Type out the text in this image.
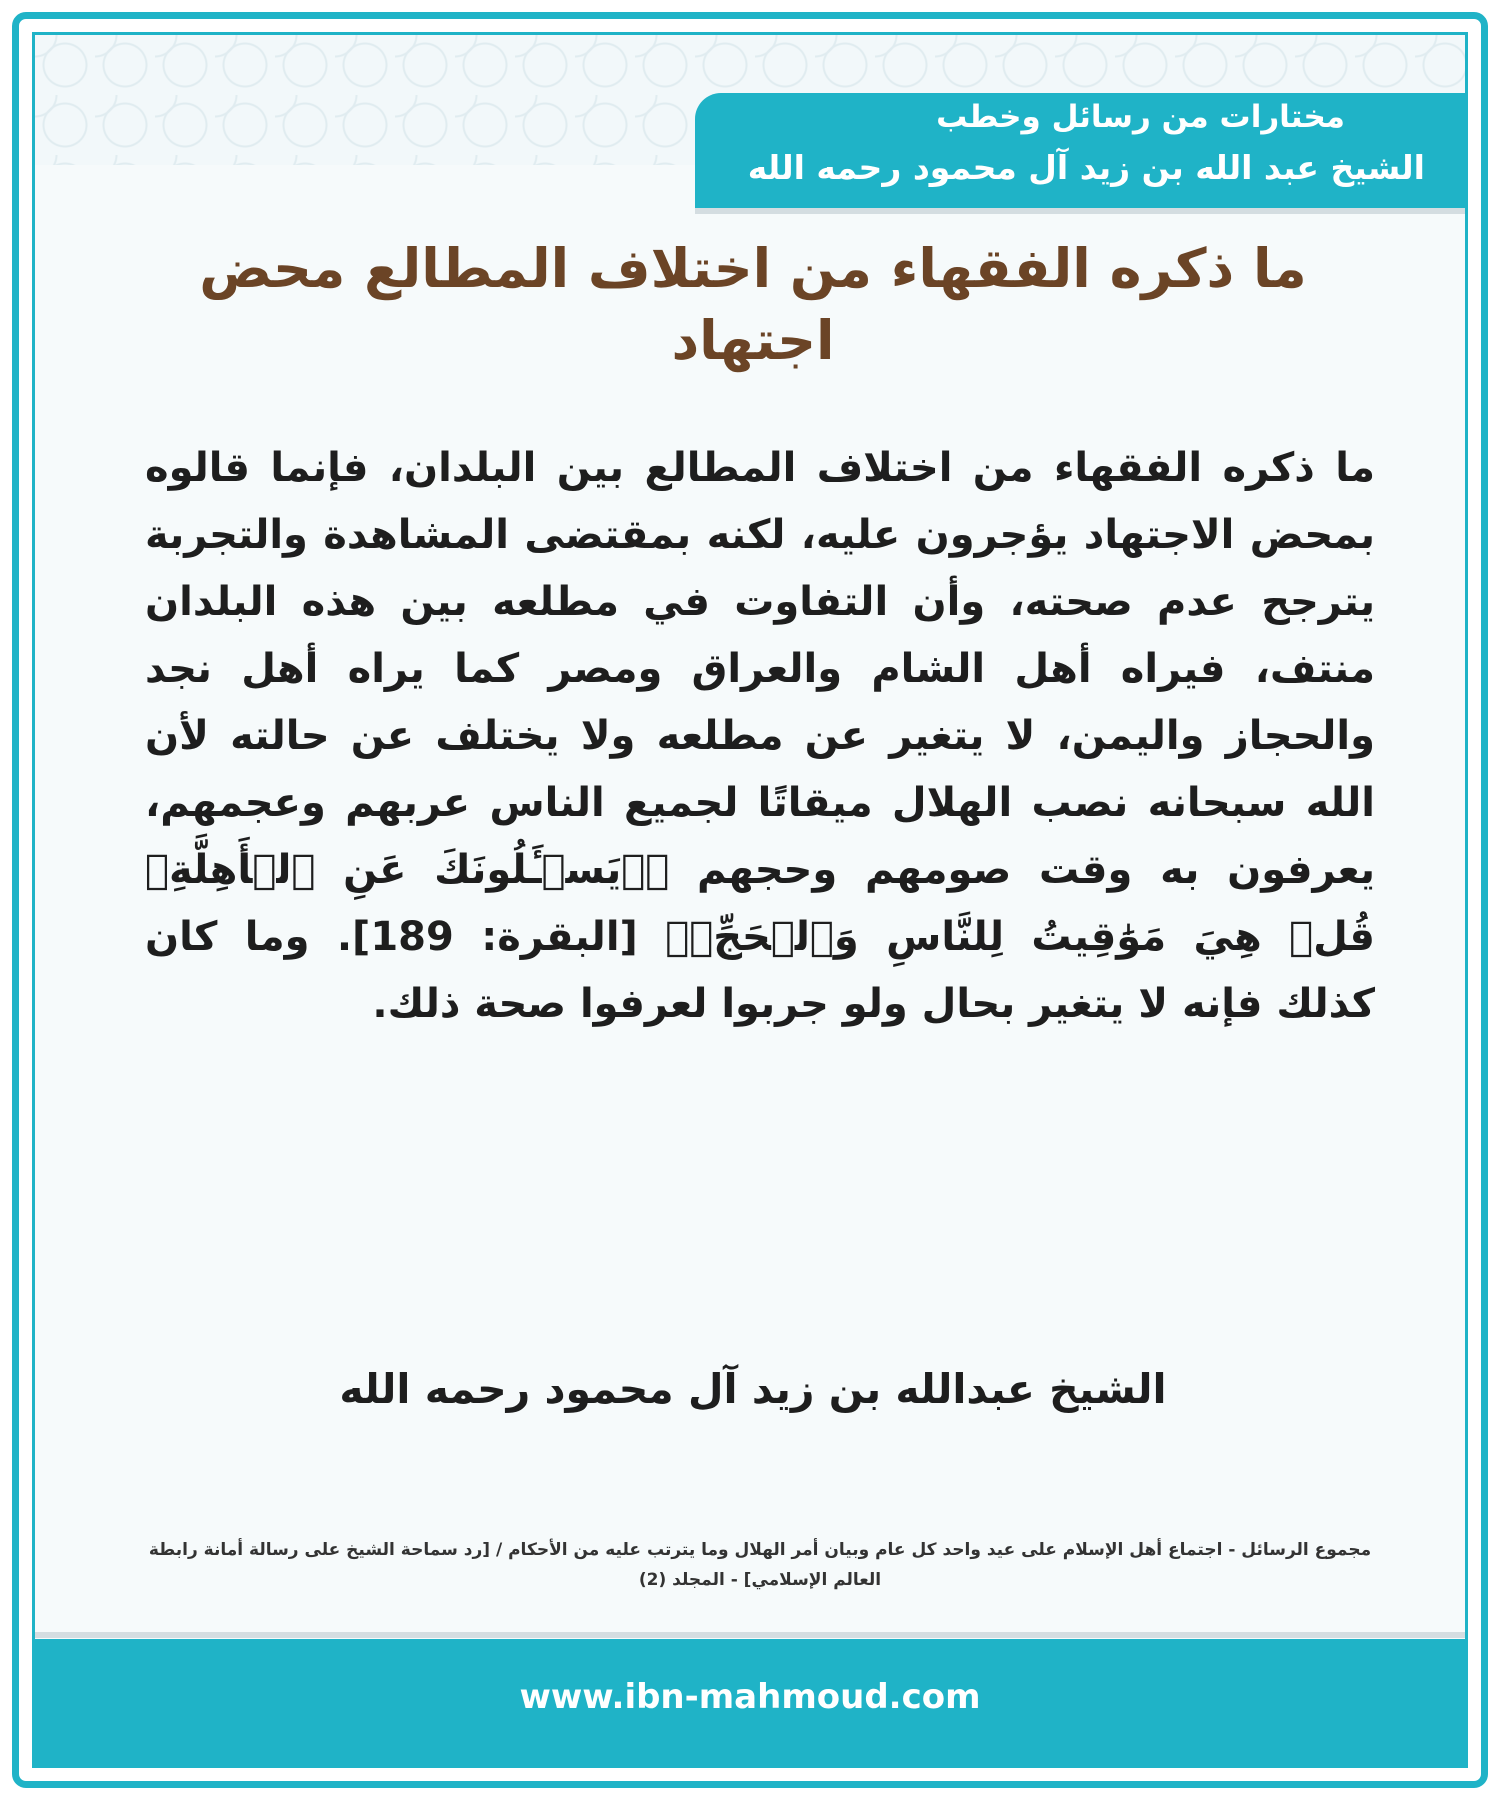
مختارات من رسائل وخطب
الشيخ عبد الله بن زيد آل محمود رحمه الله
ما ذكره الفقهاء من اختلاف المطالع محض اجتهاد
ما ذكره الفقهاء من اختلاف المطالع بين البلدان، فإنما قالوه بمحض الاجتهاد يؤجرون عليه، لكنه بمقتضى المشاهدة والتجربة يترجح عدم صحته، وأن التفاوت في مطلعه بين هذه البلدان منتف، فيراه أهل الشام والعراق ومصر كما يراه أهل نجد والحجاز واليمن، لا يتغير عن مطلعه ولا يختلف عن حالته لأن الله سبحانه نصب الهلال ميقاتًا لجميع الناس عربهم وعجمهم، يعرفون به وقت صومهم وحجهم ﴿۞يَسۡـَٔلُونَكَ عَنِ ٱلۡأَهِلَّةِۖ قُلۡ هِيَ مَوَٰقِيتُ لِلنَّاسِ وَٱلۡحَجِّۗ﴾ [البقرة: 189]. وما كان كذلك فإنه لا يتغير بحال ولو جربوا لعرفوا صحة ذلك.
الشيخ عبدالله بن زيد آل محمود رحمه الله
مجموع الرسائل - اجتماع أهل الإسلام على عيد واحد كل عام وبيان أمر الهلال وما يترتب عليه من الأحكام / [رد سماحة الشيخ على رسالة أمانة رابطة العالم الإسلامي] - المجلد (2)
www.ibn-mahmoud.com
